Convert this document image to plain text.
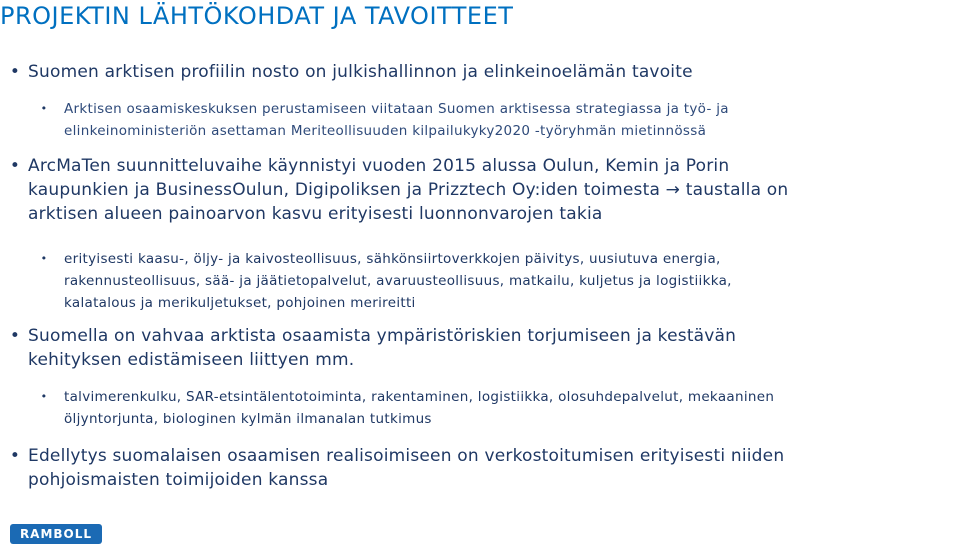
PROJEKTIN LÄHTÖKOHDAT JA TAVOITTEET
• Suomen arktisen profiilin nosto on julkishallinnon ja elinkeinoelämän tavoite
•	Arktisen osaamiskeskuksen perustamiseen viitataan Suomen arktisessa strategiassa ja työ- ja
elinkeinoministeriön asettaman Meriteollisuuden kilpailukyky2020 -työryhmän mietinnössä
• ArcMaTen suunnitteluvaihe käynnistyi vuoden 2015 alussa Oulun, Kemin ja Porin
kaupunkien ja BusinessOulun, Digipoliksen ja Prizztech Oy:iden toimesta → taustalla on
arktisen alueen painoarvon kasvu erityisesti luonnonvarojen takia
•	erityisesti kaasu-, öljy- ja kaivosteollisuus, sähkönsiirtoverkkojen päivitys, uusiutuva energia,
rakennusteollisuus, sää- ja jäätietopalvelut, avaruusteollisuus, matkailu, kuljetus ja logistiikka,
kalatalous ja merikuljetukset, pohjoinen merireitti
• Suomella on vahvaa arktista osaamista ympäristöriskien torjumiseen ja kestävän
kehityksen edistämiseen liittyen mm.
•	talvimerenkulku, SAR-etsintälentotoiminta, rakentaminen, logistiikka, olosuhdepalvelut, mekaaninen
öljyntorjunta, biologinen kylmän ilmanalan tutkimus
• Edellytys suomalaisen osaamisen realisoimiseen on verkostoitumisen erityisesti niiden
pohjoismaisten toimijoiden kanssa
RAMBOLL
